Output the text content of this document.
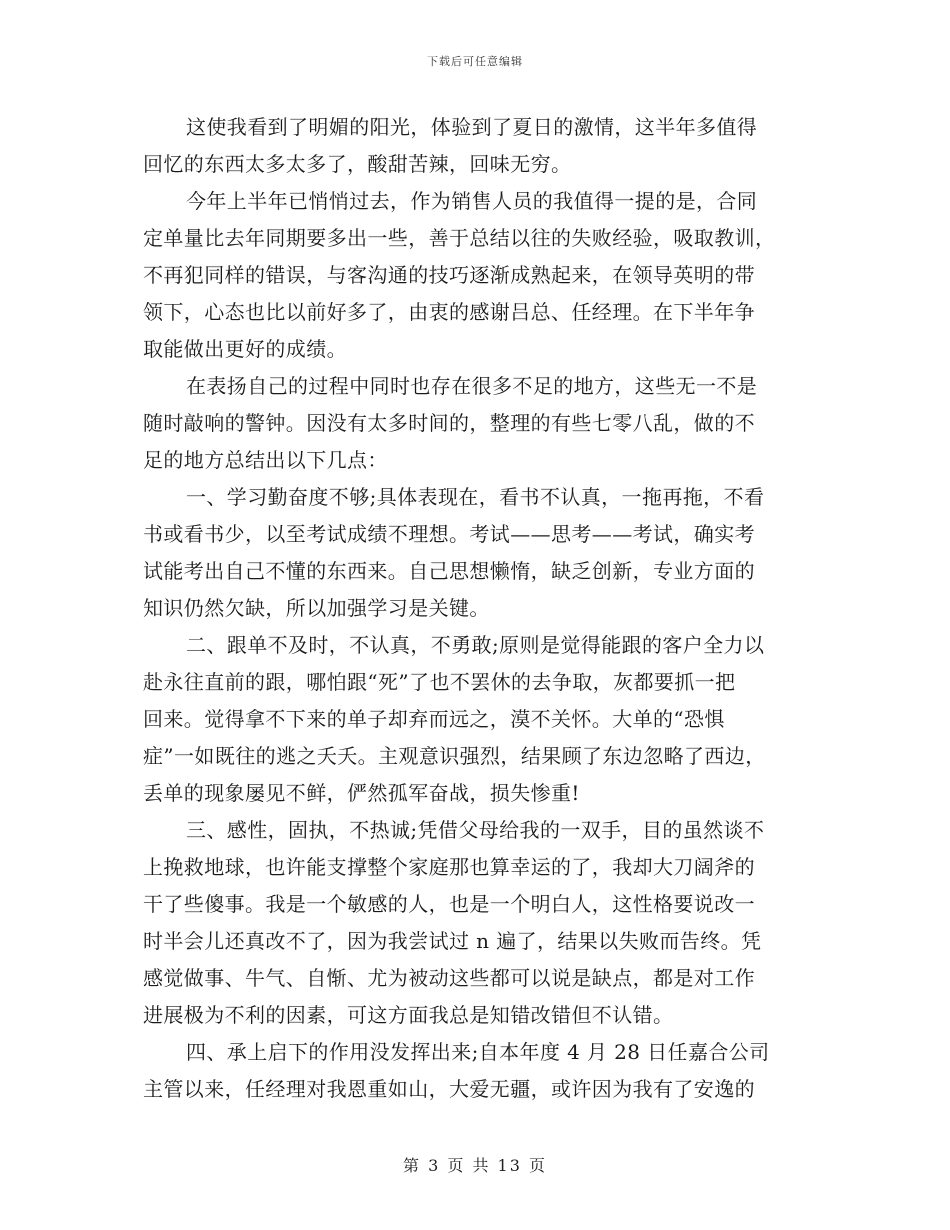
下载后可任意编辑
这使我看到了明媚的阳光，体验到了夏日的激情，这半年多值得
回忆的东西太多太多了，酸甜苦辣，回味无穷。
今年上半年已悄悄过去，作为销售人员的我值得一提的是，合同
定单量比去年同期要多出一些，善于总结以往的失败经验，吸取教训，
不再犯同样的错误，与客沟通的技巧逐渐成熟起来，在领导英明的带
领下，心态也比以前好多了，由衷的感谢吕总、任经理。在下半年争
取能做出更好的成绩。
在表扬自己的过程中同时也存在很多不足的地方，这些无一不是
随时敲响的警钟。因没有太多时间的，整理的有些七零八乱，做的不
足的地方总结出以下几点：
一、学习勤奋度不够;具体表现在，看书不认真，一拖再拖，不看
书或看书少，以至考试成绩不理想。考试——思考——考试，确实考
试能考出自己不懂的东西来。自己思想懒惰，缺乏创新，专业方面的
知识仍然欠缺，所以加强学习是关键。
二、跟单不及时，不认真，不勇敢;原则是觉得能跟的客户全力以
赴永往直前的跟，哪怕跟“死”了也不罢休的去争取，灰都要抓一把
回来。觉得拿不下来的单子却弃而远之，漠不关怀。大单的“恐惧
症”一如既往的逃之夭夭。主观意识强烈，结果顾了东边忽略了西边，
丢单的现象屡见不鲜，俨然孤军奋战，损失惨重!
三、感性，固执，不热诚;凭借父母给我的一双手，目的虽然谈不
上挽救地球，也许能支撑整个家庭那也算幸运的了，我却大刀阔斧的
干了些傻事。我是一个敏感的人，也是一个明白人，这性格要说改一
时半会儿还真改不了，因为我尝试过 n 遍了，结果以失败而告终。凭
感觉做事、牛气、自惭、尤为被动这些都可以说是缺点，都是对工作
进展极为不利的因素，可这方面我总是知错改错但不认错。
四、承上启下的作用没发挥出来;自本年度 4 月 28 日任嘉合公司
主管以来，任经理对我恩重如山，大爱无疆，或许因为我有了安逸的
第 3 页 共 13 页
